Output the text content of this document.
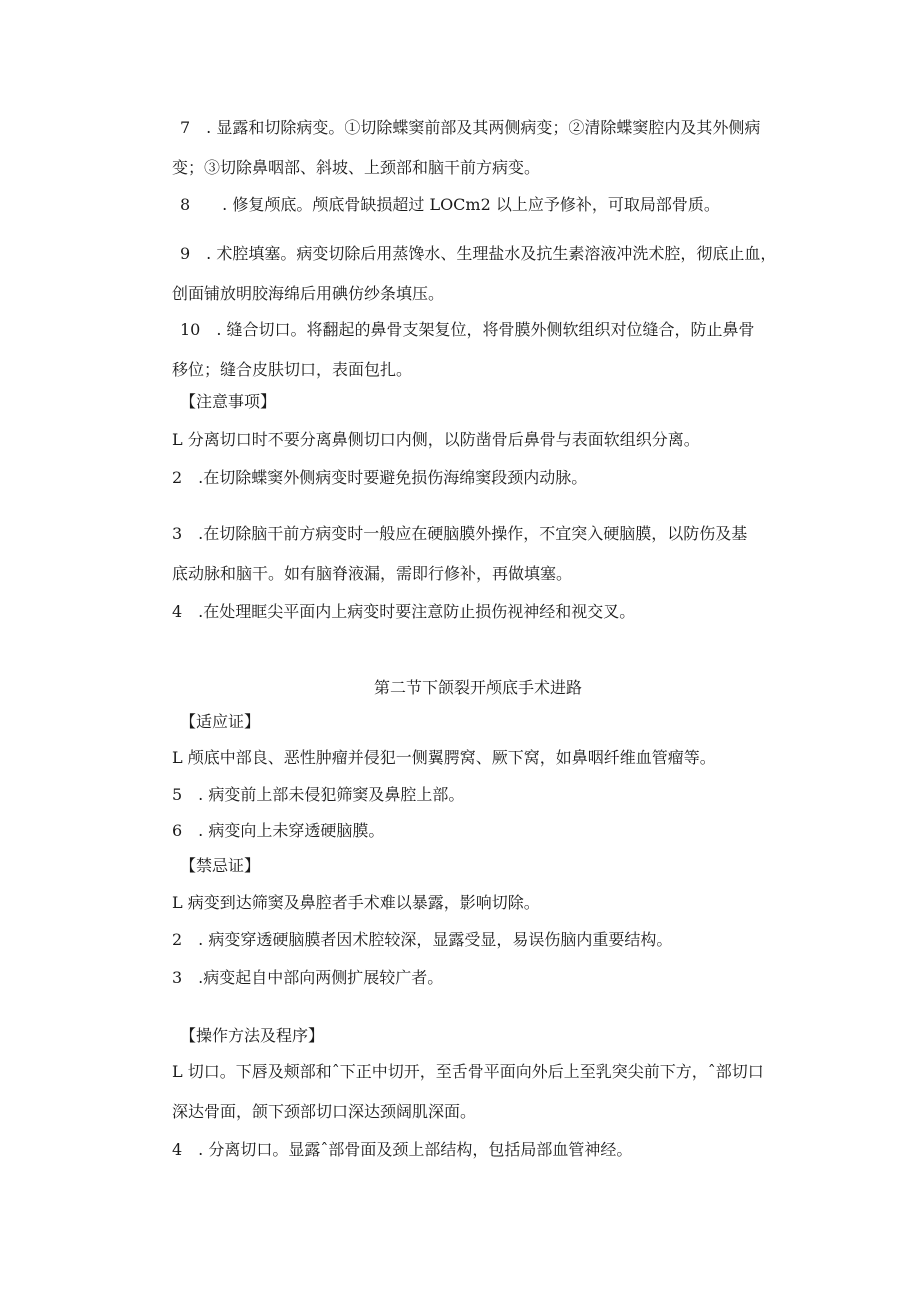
7　. 显露和切除病变。①切除蝶窦前部及其两侧病变；②清除蝶窦腔内及其外侧病
变；③切除鼻咽部、斜坡、上颈部和脑干前方病变。
8　　. 修复颅底。颅底骨缺损超过 LOCm2 以上应予修补，可取局部骨质。
9　. 术腔填塞。病变切除后用蒸馋水、生理盐水及抗生素溶液冲洗术腔，彻底止血，
创面铺放明胶海绵后用碘仿纱条填压。
10　. 缝合切口。将翻起的鼻骨支架复位，将骨膜外侧软组织对位缝合，防止鼻骨
移位；缝合皮肤切口，表面包扎。
【注意事项】
L 分离切口时不要分离鼻侧切口内侧，以防凿骨后鼻骨与表面软组织分离。
2　.在切除蝶窦外侧病变时要避免损伤海绵窦段颈内动脉。
3　.在切除脑干前方病变时一般应在硬脑膜外操作，不宜突入硬脑膜，以防伤及基
底动脉和脑干。如有脑脊液漏，需即行修补，再做填塞。
4　.在处理眶尖平面内上病变时要注意防止损伤视神经和视交叉。
第二节下颌裂开颅底手术进路
【适应证】
L 颅底中部良、恶性肿瘤并侵犯一侧翼腭窝、厥下窝，如鼻咽纤维血管瘤等。
5　. 病变前上部未侵犯筛窦及鼻腔上部。
6　. 病变向上未穿透硬脑膜。
【禁忌证】
L 病变到达筛窦及鼻腔者手术难以暴露，影响切除。
2　. 病变穿透硬脑膜者因术腔较深，显露受显，易误伤脑内重要结构。
3　.病变起自中部向两侧扩展较广者。
【操作方法及程序】
L 切口。下唇及颊部和ˆ下正中切开，至舌骨平面向外后上至乳突尖前下方，ˆ部切口
深达骨面，颌下颈部切口深达颈阔肌深面。
4　. 分离切口。显露ˆ部骨面及颈上部结构，包括局部血管神经。
